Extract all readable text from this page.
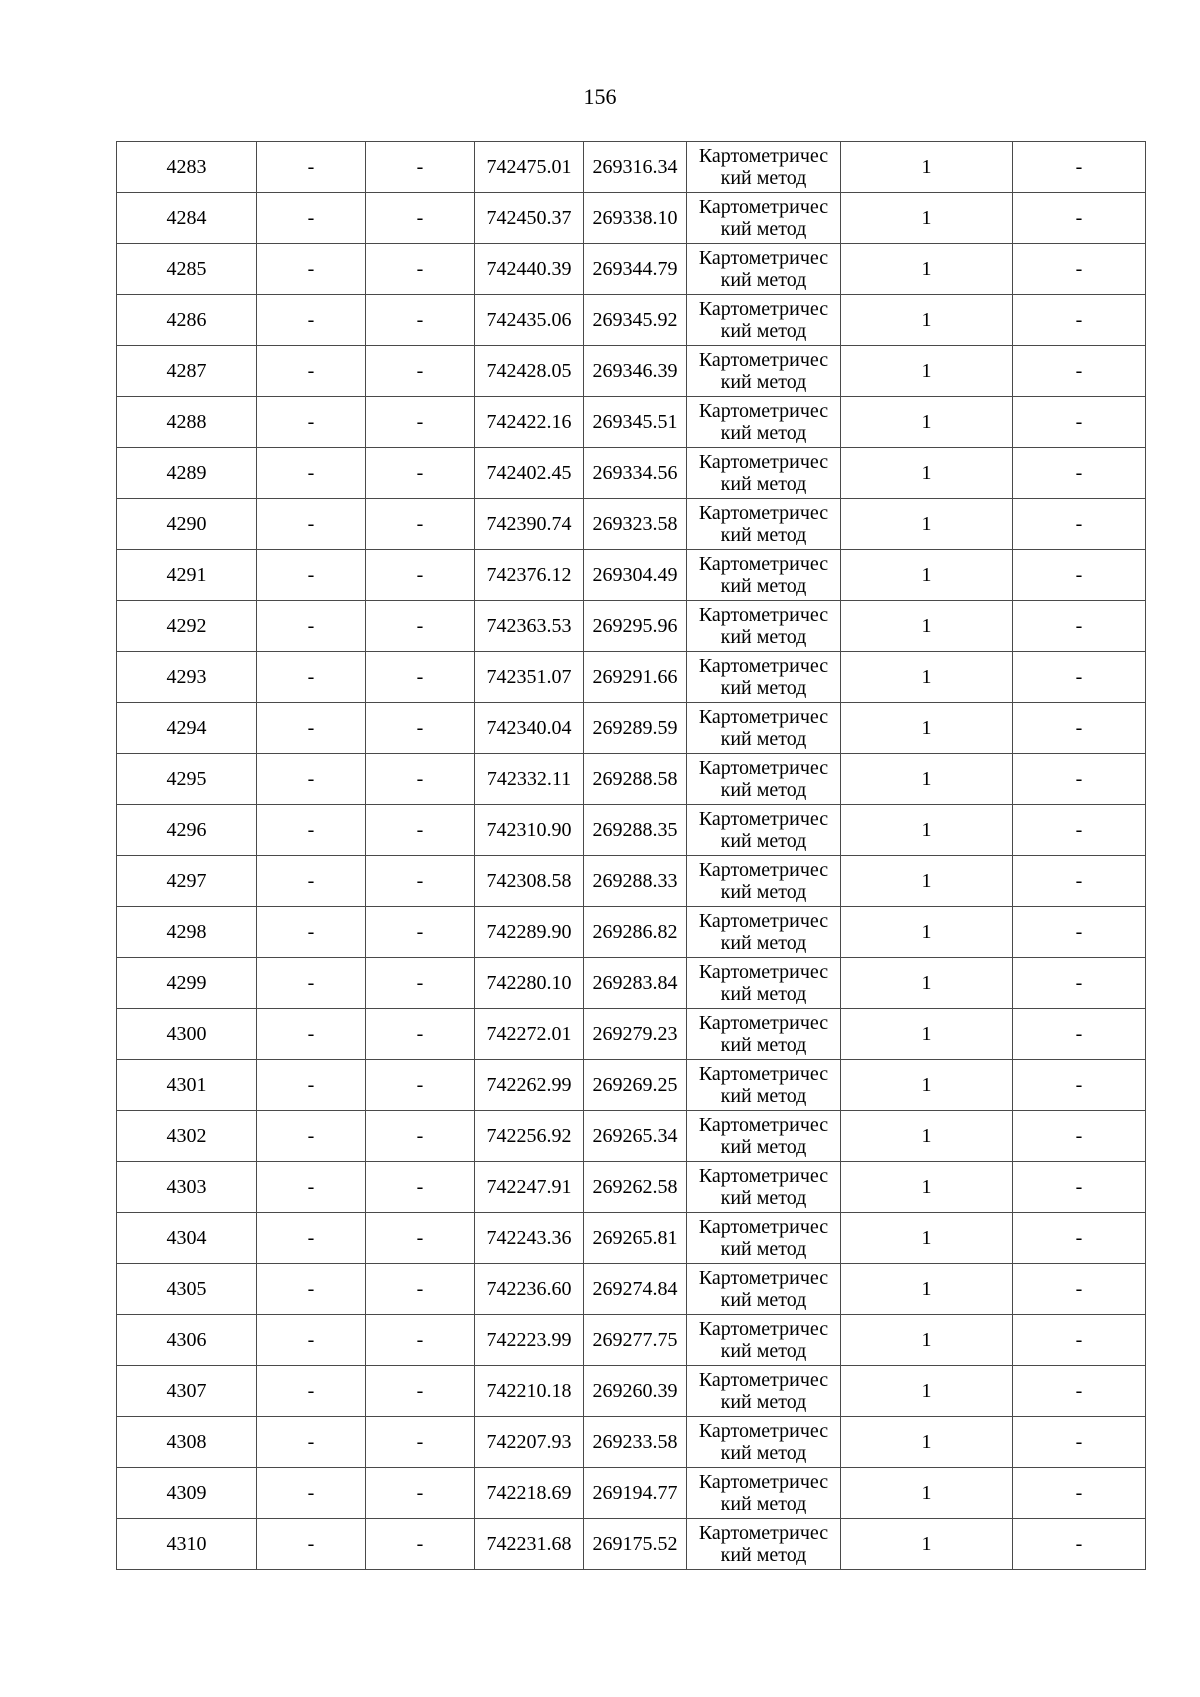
156
4283	-	-	742475.01	269316.34	Картометричес
кий метод	1	-
4284	-	-	742450.37	269338.10	Картометричес
кий метод	1	-
4285	-	-	742440.39	269344.79	Картометричес
кий метод	1	-
4286	-	-	742435.06	269345.92	Картометричес
кий метод	1	-
4287	-	-	742428.05	269346.39	Картометричес
кий метод	1	-
4288	-	-	742422.16	269345.51	Картометричес
кий метод	1	-
4289	-	-	742402.45	269334.56	Картометричес
кий метод	1	-
4290	-	-	742390.74	269323.58	Картометричес
кий метод	1	-
4291	-	-	742376.12	269304.49	Картометричес
кий метод	1	-
4292	-	-	742363.53	269295.96	Картометричес
кий метод	1	-
4293	-	-	742351.07	269291.66	Картометричес
кий метод	1	-
4294	-	-	742340.04	269289.59	Картометричес
кий метод	1	-
4295	-	-	742332.11	269288.58	Картометричес
кий метод	1	-
4296	-	-	742310.90	269288.35	Картометричес
кий метод	1	-
4297	-	-	742308.58	269288.33	Картометричес
кий метод	1	-
4298	-	-	742289.90	269286.82	Картометричес
кий метод	1	-
4299	-	-	742280.10	269283.84	Картометричес
кий метод	1	-
4300	-	-	742272.01	269279.23	Картометричес
кий метод	1	-
4301	-	-	742262.99	269269.25	Картометричес
кий метод	1	-
4302	-	-	742256.92	269265.34	Картометричес
кий метод	1	-
4303	-	-	742247.91	269262.58	Картометричес
кий метод	1	-
4304	-	-	742243.36	269265.81	Картометричес
кий метод	1	-
4305	-	-	742236.60	269274.84	Картометричес
кий метод	1	-
4306	-	-	742223.99	269277.75	Картометричес
кий метод	1	-
4307	-	-	742210.18	269260.39	Картометричес
кий метод	1	-
4308	-	-	742207.93	269233.58	Картометричес
кий метод	1	-
4309	-	-	742218.69	269194.77	Картометричес
кий метод	1	-
4310	-	-	742231.68	269175.52	Картометричес
кий метод	1	-
